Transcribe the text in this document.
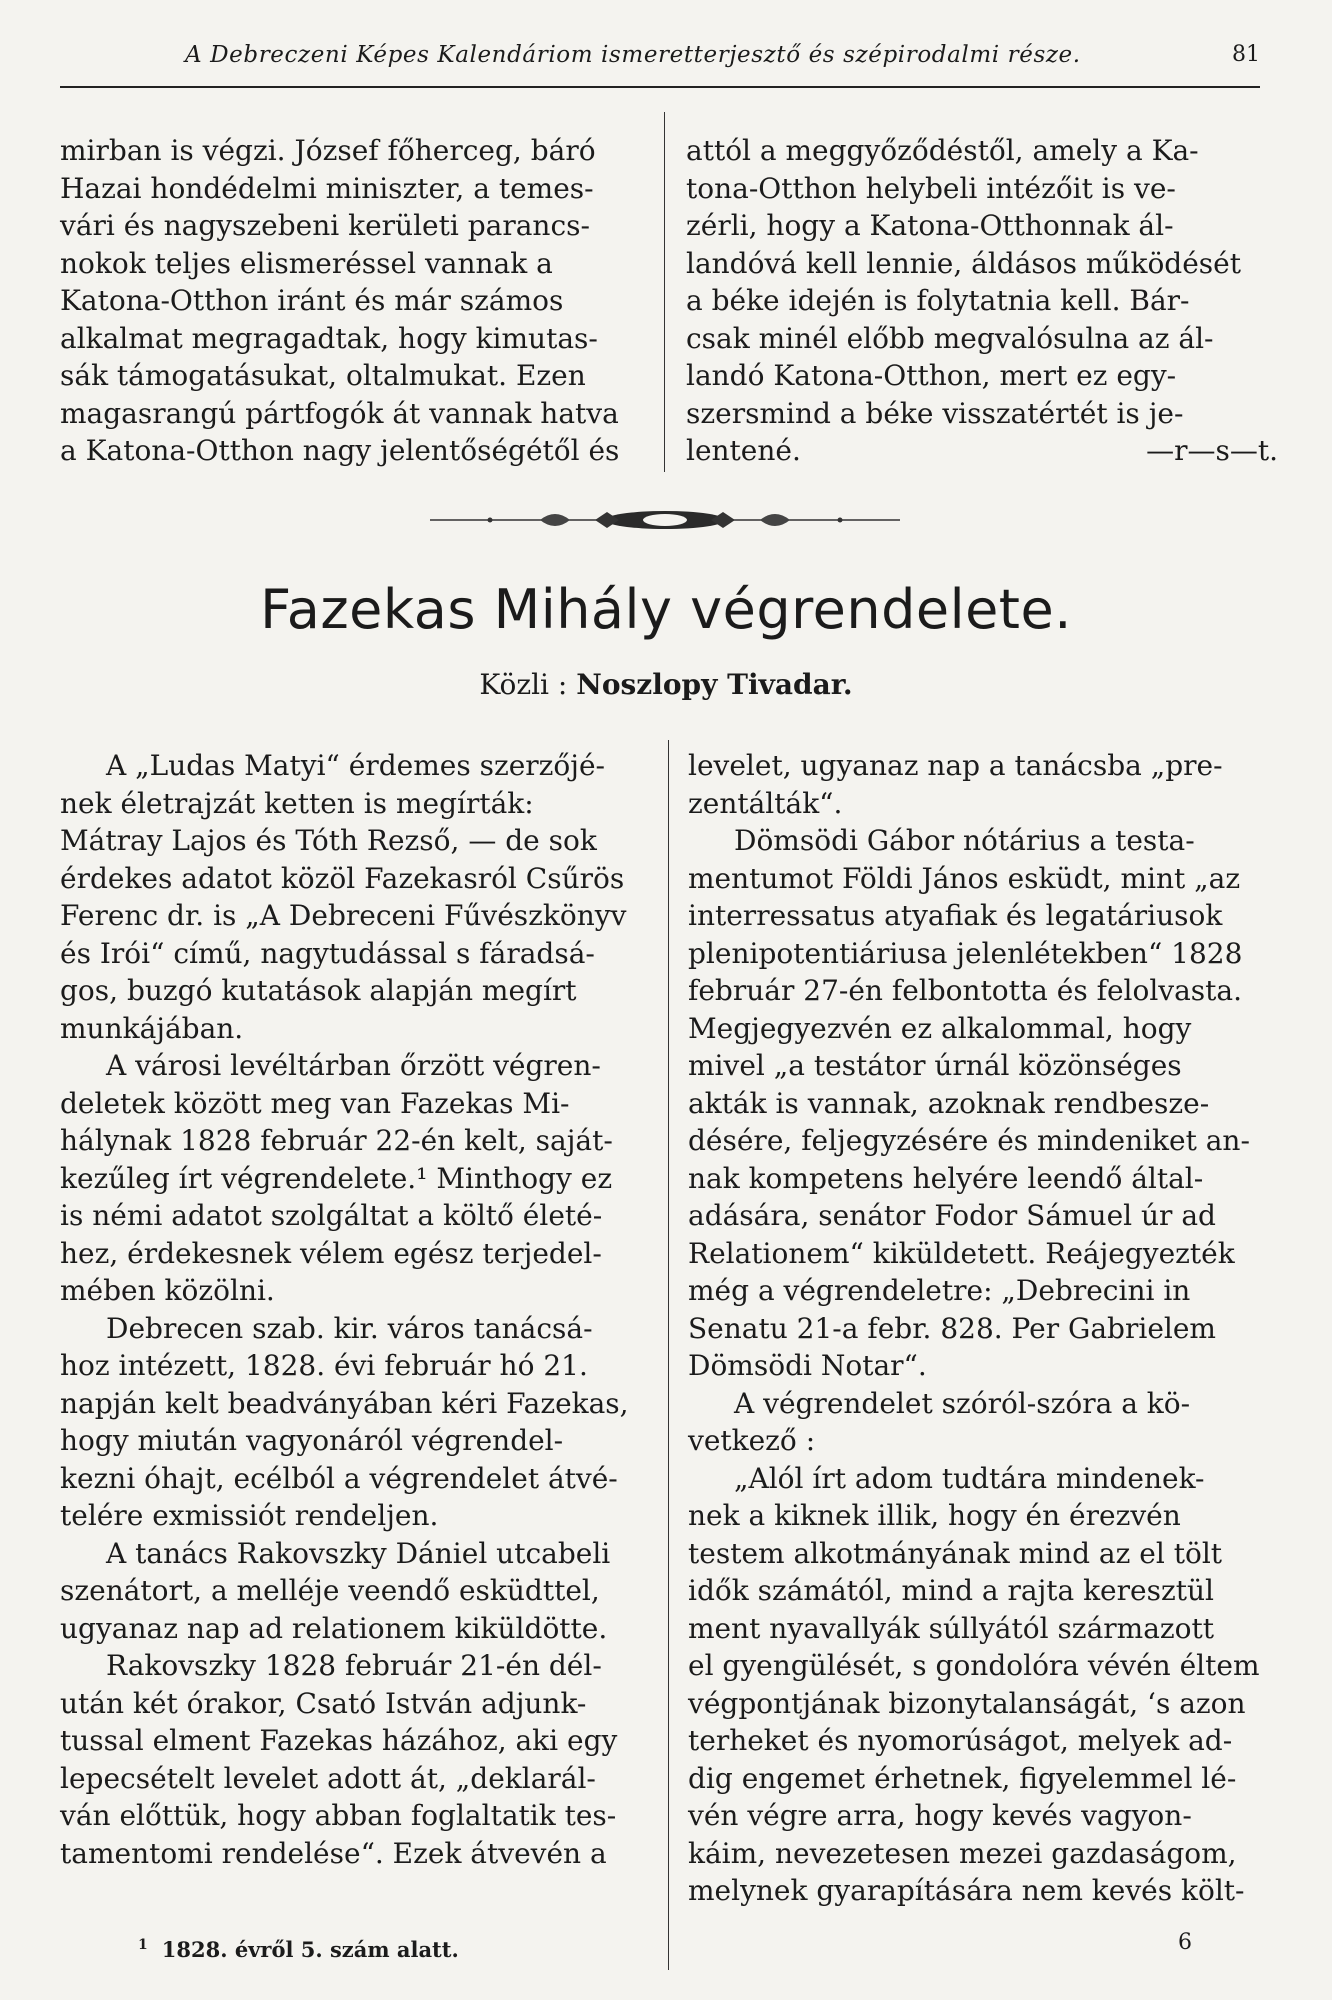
A Debreczeni Képes Kalendáriom ismeretterjesztő és szépirodalmi része.	81

mirban is végzi. József főherceg, báró

Hazai hondédelmi miniszter, a temes-

vári és nagyszebeni kerületi parancs-

nokok teljes elismeréssel vannak a

Katona-Otthon iránt és már számos

alkalmat megragadtak, hogy kimutas-

sák támogatásukat, oltalmukat. Ezen

magasrangú pártfogók át vannak hatva

a Katona-Otthon nagy jelentőségétől és

attól a meggyőződéstől, amely a Ka-

tona-Otthon helybeli intézőit is ve-

zérli, hogy a Katona-Otthonnak ál-

landóvá kell lennie, áldásos működését

a béke idején is folytatnia kell. Bár-

csak minél előbb megvalósulna az ál-

landó Katona-Otthon, mert ez egy-

szersmind a béke visszatértét is je-

lentené.	—r—s—t.

Fazekas Mihály végrendelete.
Közli : Noszlopy Tivadar.

A „Ludas Matyi“ érdemes szerzőjé-

nek életrajzát ketten is megírták:

Mátray Lajos és Tóth Rezső, — de sok

érdekes adatot közöl Fazekasról Csűrös

Ferenc dr. is „A Debreceni Fűvészkönyv

és Irói“ című, nagytudással s fáradsá-

gos, buzgó kutatások alapján megírt

munkájában.

A városi levéltárban őrzött végren-

deletek között meg van Fazekas Mi-

hálynak 1828 február 22-én kelt, saját-

kezűleg írt végrendelete.¹ Minthogy ez

is némi adatot szolgáltat a költő életé-

hez, érdekesnek vélem egész terjedel-

mében közölni.

Debrecen szab. kir. város tanácsá-

hoz intézett, 1828. évi február hó 21.

napján kelt beadványában kéri Fazekas,

hogy miután vagyonáról végrendel-

kezni óhajt, ecélból a végrendelet átvé-

telére exmissiót rendeljen.

A tanács Rakovszky Dániel utcabeli

szenátort, a melléje veendő esküdttel,

ugyanaz nap ad relationem kiküldötte.

Rakovszky 1828 február 21-én dél-

után két órakor, Csató István adjunk-

tussal elment Fazekas házához, aki egy

lepecsételt levelet adott át, „deklarál-

ván előttük, hogy abban foglaltatik tes-

tamentomi rendelése“. Ezek átvevén a

levelet, ugyanaz nap a tanácsba „pre-

zentálták“.

Dömsödi Gábor nótárius a testa-

mentumot Földi János esküdt, mint „az

interressatus atyafiak és legatáriusok

plenipotentiáriusa jelenlétekben“ 1828

február 27-én felbontotta és felolvasta.

Megjegyezvén ez alkalommal, hogy

mivel „a testátor úrnál közönséges

akták is vannak, azoknak rendbesze-

désére, feljegyzésére és mindeniket an-

nak kompetens helyére leendő által-

adására, senátor Fodor Sámuel úr ad

Relationem“ kiküldetett. Reájegyezték

még a végrendeletre: „Debrecini in

Senatu 21-a febr. 828. Per Gabrielem

Dömsödi Notar“.

A végrendelet szóról-szóra a kö-

vetkező :

„Alól írt adom tudtára mindenek-

nek a kiknek illik, hogy én érezvén

testem alkotmányának mind az el tölt

idők számától, mind a rajta keresztül

ment nyavallyák súllyától származott

el gyengülését, s gondolóra vévén éltem

végpontjának bizonytalanságát, ‘s azon

terheket és nyomorúságot, melyek ad-

dig engemet érhetnek, figyelemmel lé-

vén végre arra, hogy kevés vagyon-

káim, nevezetesen mezei gazdaságom,

melynek gyarapítására nem kevés költ-

$^1$ 1828. évről 5. szám alatt.	6
